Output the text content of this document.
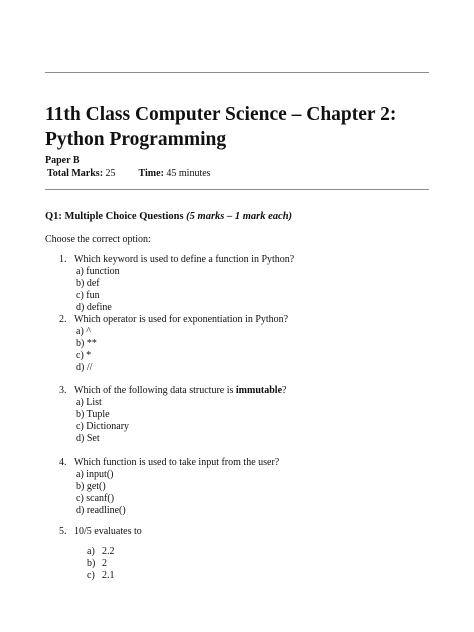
11th Class Computer Science – Chapter 2: Python Programming
Paper B
Total Marks: 25 Time: 45 minutes
Q1: Multiple Choice Questions (5 marks – 1 mark each)
Choose the correct option:
1. Which keyword is used to define a function in Python?
a) function
b) def
c) fun
d) define
2. Which operator is used for exponentiation in Python?
a) ^
b) **
c) *
d) //
3. Which of the following data structure is immutable?
a) List
b) Tuple
c) Dictionary
d) Set
4. Which function is used to take input from the user?
a) input()
b) get()
c) scanf()
d) readline()
5. 10/5 evaluates to
a) 2.2
b) 2
c) 2.1
